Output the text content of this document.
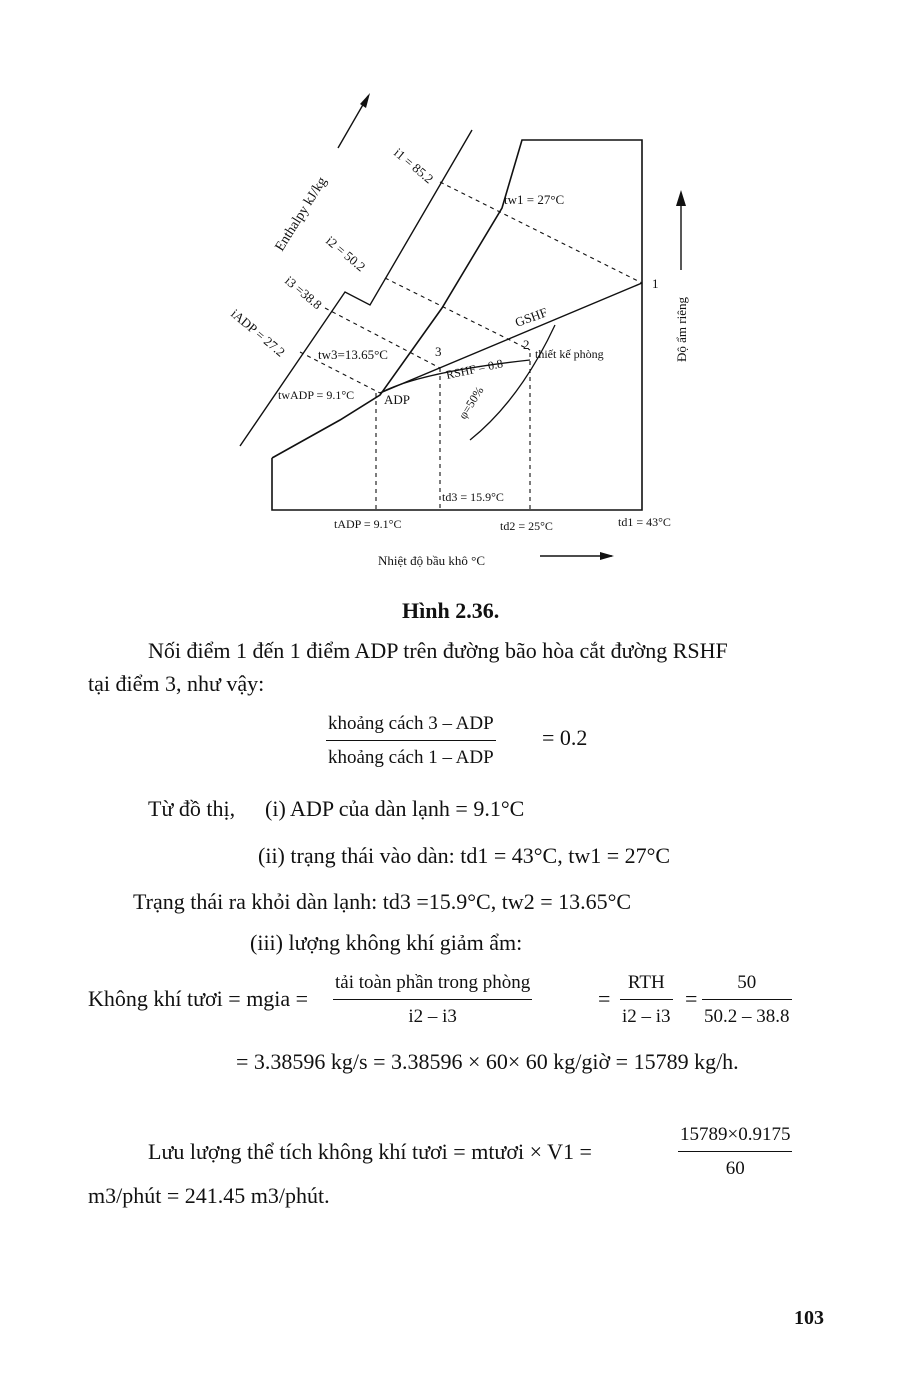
Enthalpy kJ/kg
i1 = 85.2
i2 = 50.2
i3 =38.8
iADP = 27.2
tw1 = 27°C
tw3=13.65°C
twADP = 9.1°C
Độ ẩm riêng
1
2
3
ADP
GSHF
thiết kế phòng
RSHF = 0.8
φ=50%
td3 = 15.9°C
tADP = 9.1°C	td2 = 25°C	td1 = 43°C
Nhiệt độ bầu khô °C
Hình 2.36.
Nối điểm 1 đến 1 điểm ADP trên đường bão hòa cắt đường RSHF
tại điểm 3, như vậy:
khoảng cách 3 – ADP
khoảng cách 1 – ADP
= 0.2
Từ đồ thị, (i) ADP của dàn lạnh = 9.1°C
(ii) trạng thái vào dàn: td1 = 43°C, tw1 = 27°C
Trạng thái ra khỏi dàn lạnh: td3 =15.9°C, tw2 = 13.65°C
(iii) lượng không khí giảm ẩm:
Không khí tươi = mgia =
tải toàn phần trong phòng
i2 – i3
=
RTH
i2 – i3
= $\frac{50}{50.2 - 38.8}$
= 3.38596 kg/s = 3.38596 × 60× 60 kg/giờ = 15789 kg/h.
Lưu lượng thể tích không khí tươi = mtươi × V1 =	$\frac{15789\times 0.9175}{60}$
m3/phút = 241.45 m3/phút.
103
